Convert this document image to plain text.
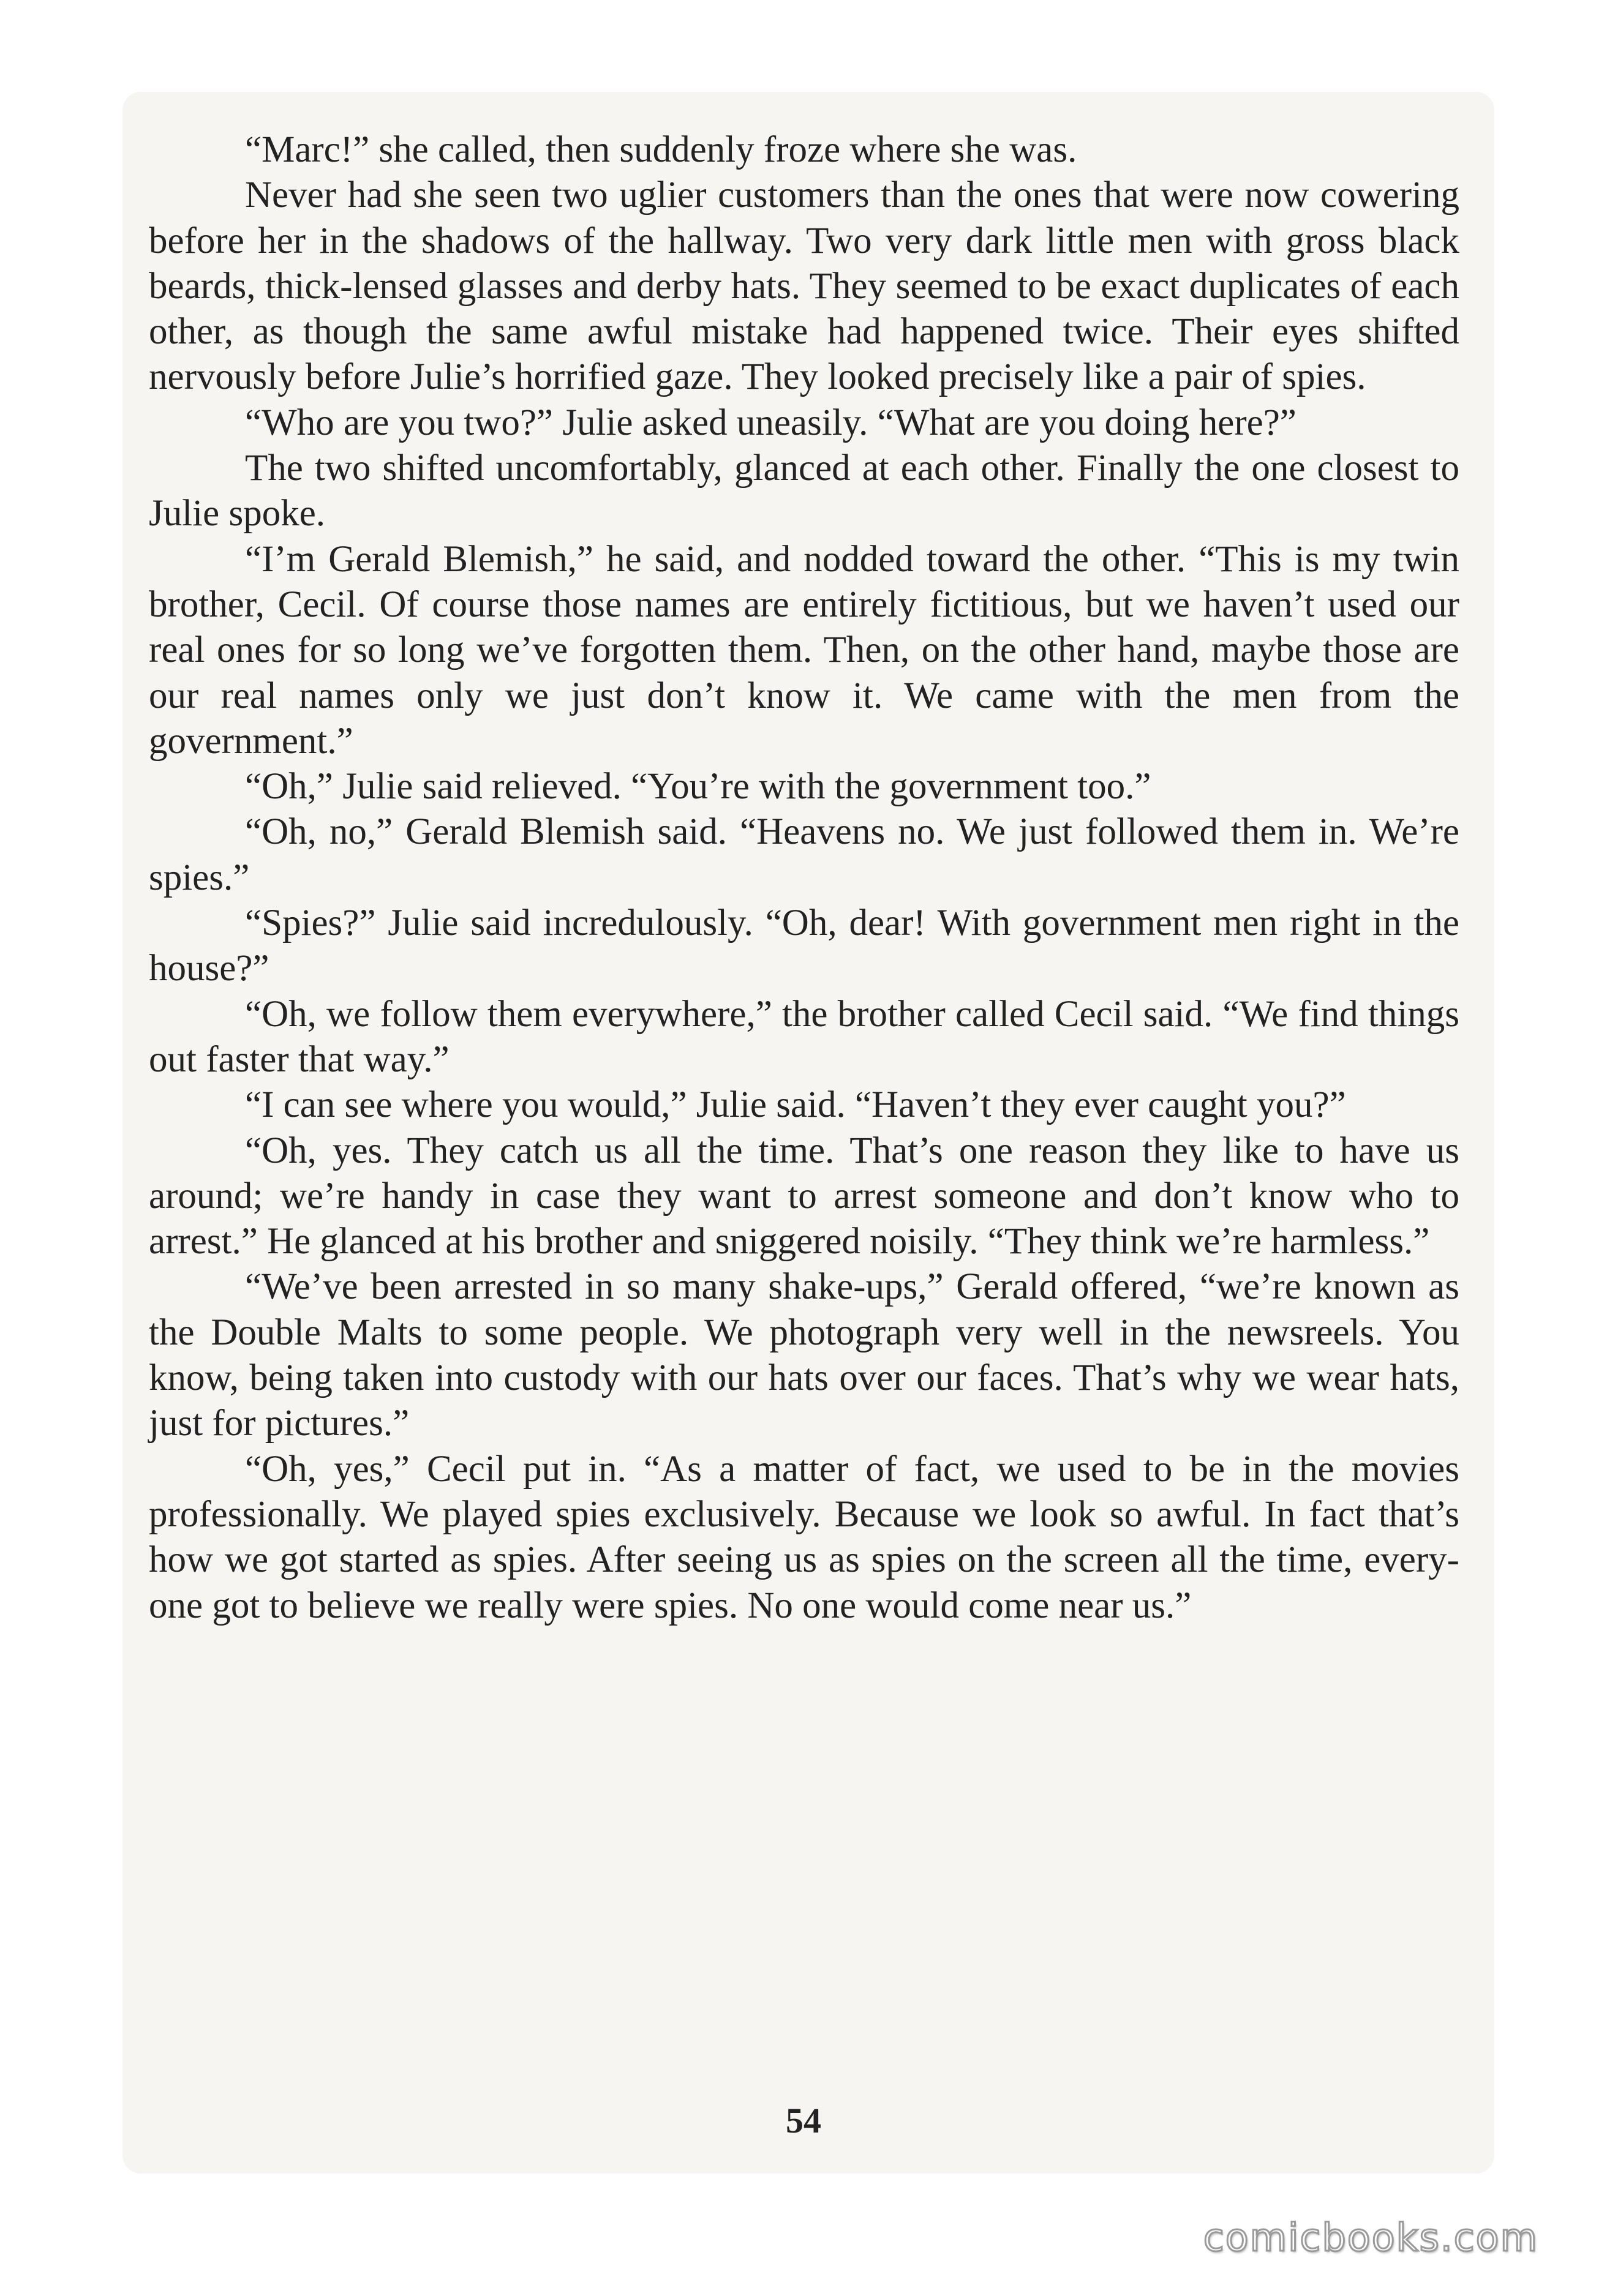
“Marc!” she called, then suddenly froze where she was.

Never had she seen two uglier customers than the ones that were now cowering before her in the shadows of the hallway. Two very dark little men with gross black beards, thick-lensed glasses and derby hats. They seemed to be exact duplicates of each other, as though the same awful mistake had happened twice. Their eyes shifted nervously before Julie’s horrified gaze. They looked precisely like a pair of spies.

“Who are you two?” Julie asked uneasily. “What are you doing here?”

The two shifted uncomfortably, glanced at each other. Finally the one closest to Julie spoke.

“I’m Gerald Blemish,” he said, and nodded toward the other. “This is my twin brother, Cecil. Of course those names are entirely fictitious, but we haven’t used our real ones for so long we’ve forgotten them. Then, on the other hand, maybe those are our real names only we just don’t know it. We came with the men from the government.”

“Oh,” Julie said relieved. “You’re with the government too.”

“Oh, no,” Gerald Blemish said. “Heavens no. We just followed them in. We’re spies.”

“Spies?” Julie said incredulously. “Oh, dear! With government men right in the house?”

“Oh, we follow them everywhere,” the brother called Cecil said. “We find things out faster that way.”

“I can see where you would,” Julie said. “Haven’t they ever caught you?”

“Oh, yes. They catch us all the time. That’s one reason they like to have us around; we’re handy in case they want to arrest someone and don’t know who to arrest.” He glanced at his brother and sniggered noisily. “They think we’re harmless.”

“We’ve been arrested in so many shake-ups,” Gerald offered, “we’re known as the Double Malts to some people. We photograph very well in the newsreels. You know, being taken into custody with our hats over our faces. That’s why we wear hats, just for pictures.”

“Oh, yes,” Cecil put in. “As a matter of fact, we used to be in the movies professionally. We played spies exclusively. Because we look so awful. In fact that’s how we got started as spies. After seeing us as spies on the screen all the time, everyone got to believe we really were spies. No one would come near us.”

54
comicbooks.com
